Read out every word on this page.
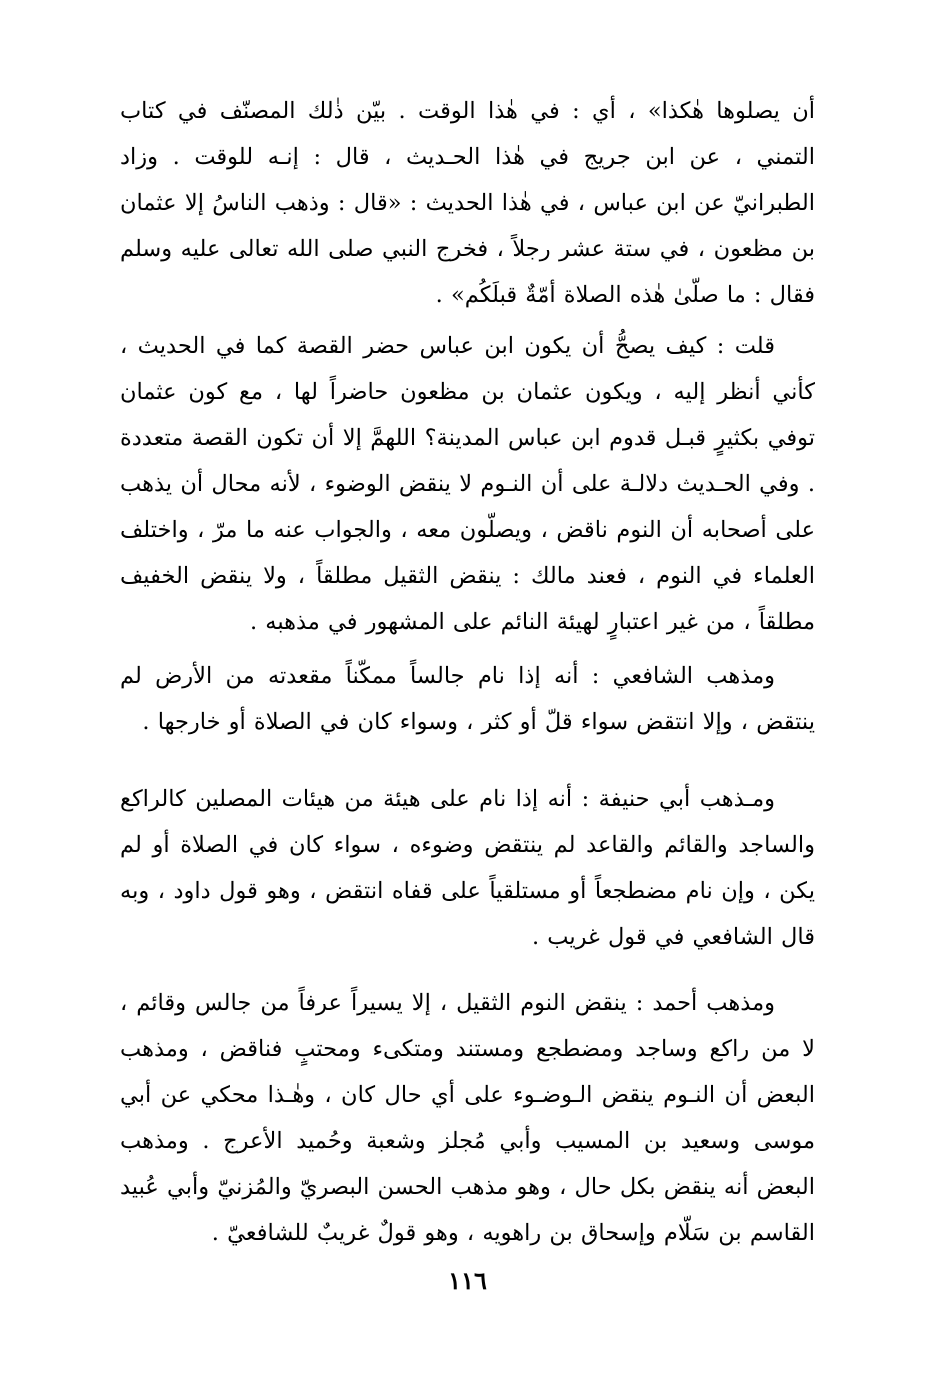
أن يصلوها هٰكذا» ، أي : في هٰذا الوقت . بيّن ذٰلك المصنّف في كتاب التمني ، عن ابن جريج في هٰذا الحـديث ، قال : إنـه للوقت . وزاد الطبرانيّ عن ابن عباس ، في هٰذا الحديث : «قال : وذهب الناسُ إلا عثمان بن مظعون ، في ستة عشر رجلاً ، فخرج النبي صلى الله تعالى عليه وسلم فقال : ما صلّىٰ هٰذه الصلاة أمّةٌ قبلَكُم» .

قلت : كيف يصحُّ أن يكون ابن عباس حضر القصة كما في الحديث ، كأني أنظر إليه ، ويكون عثمان بن مظعون حاضراً لها ، مع كون عثمان توفي بكثيرٍ قبـل قدوم ابن عباس المدينة؟ اللهمَّ إلا أن تكون القصة متعددة . وفي الحـديث دلالـة على أن النـوم لا ينقض الوضوء ، لأنه محال أن يذهب على أصحابه أن النوم ناقض ، ويصلّون معه ، والجواب عنه ما مرّ ، واختلف العلماء في النوم ، فعند مالك : ينقض الثقيل مطلقاً ، ولا ينقض الخفيف مطلقاً ، من غير اعتبارٍ لهيئة النائم على المشهور في مذهبه .

ومذهب الشافعي : أنه إذا نام جالساً ممكّناً مقعدته من الأرض لم ينتقض ، وإلا انتقض سواء قلّ أو كثر ، وسواء كان في الصلاة أو خارجها .

ومـذهب أبي حنيفة : أنه إذا نام على هيئة من هيئات المصلين كالراكع والساجد والقائم والقاعد لم ينتقض وضوءه ، سواء كان في الصلاة أو لم يكن ، وإن نام مضطجعاً أو مستلقياً على قفاه انتقض ، وهو قول داود ، وبه قال الشافعي في قول غريب .

ومذهب أحمد : ينقض النوم الثقيل ، إلا يسيراً عرفاً من جالس وقائم ، لا من راكع وساجد ومضطجع ومستند ومتكىء ومحتبٍ فناقض ، ومذهب البعض أن النـوم ينقض الـوضـوء على أي حال كان ، وهٰـذا محكي عن أبي موسى وسعيد بن المسيب وأبي مُجلز وشعبة وحُميد الأعرج . ومذهب البعض أنه ينقض بكل حال ، وهو مذهب الحسن البصريّ والمُزنيّ وأبي عُبيد القاسم بن سَلّام وإسحاق بن راهويه ، وهو قولٌ غريبٌ للشافعيّ .

١١٦
